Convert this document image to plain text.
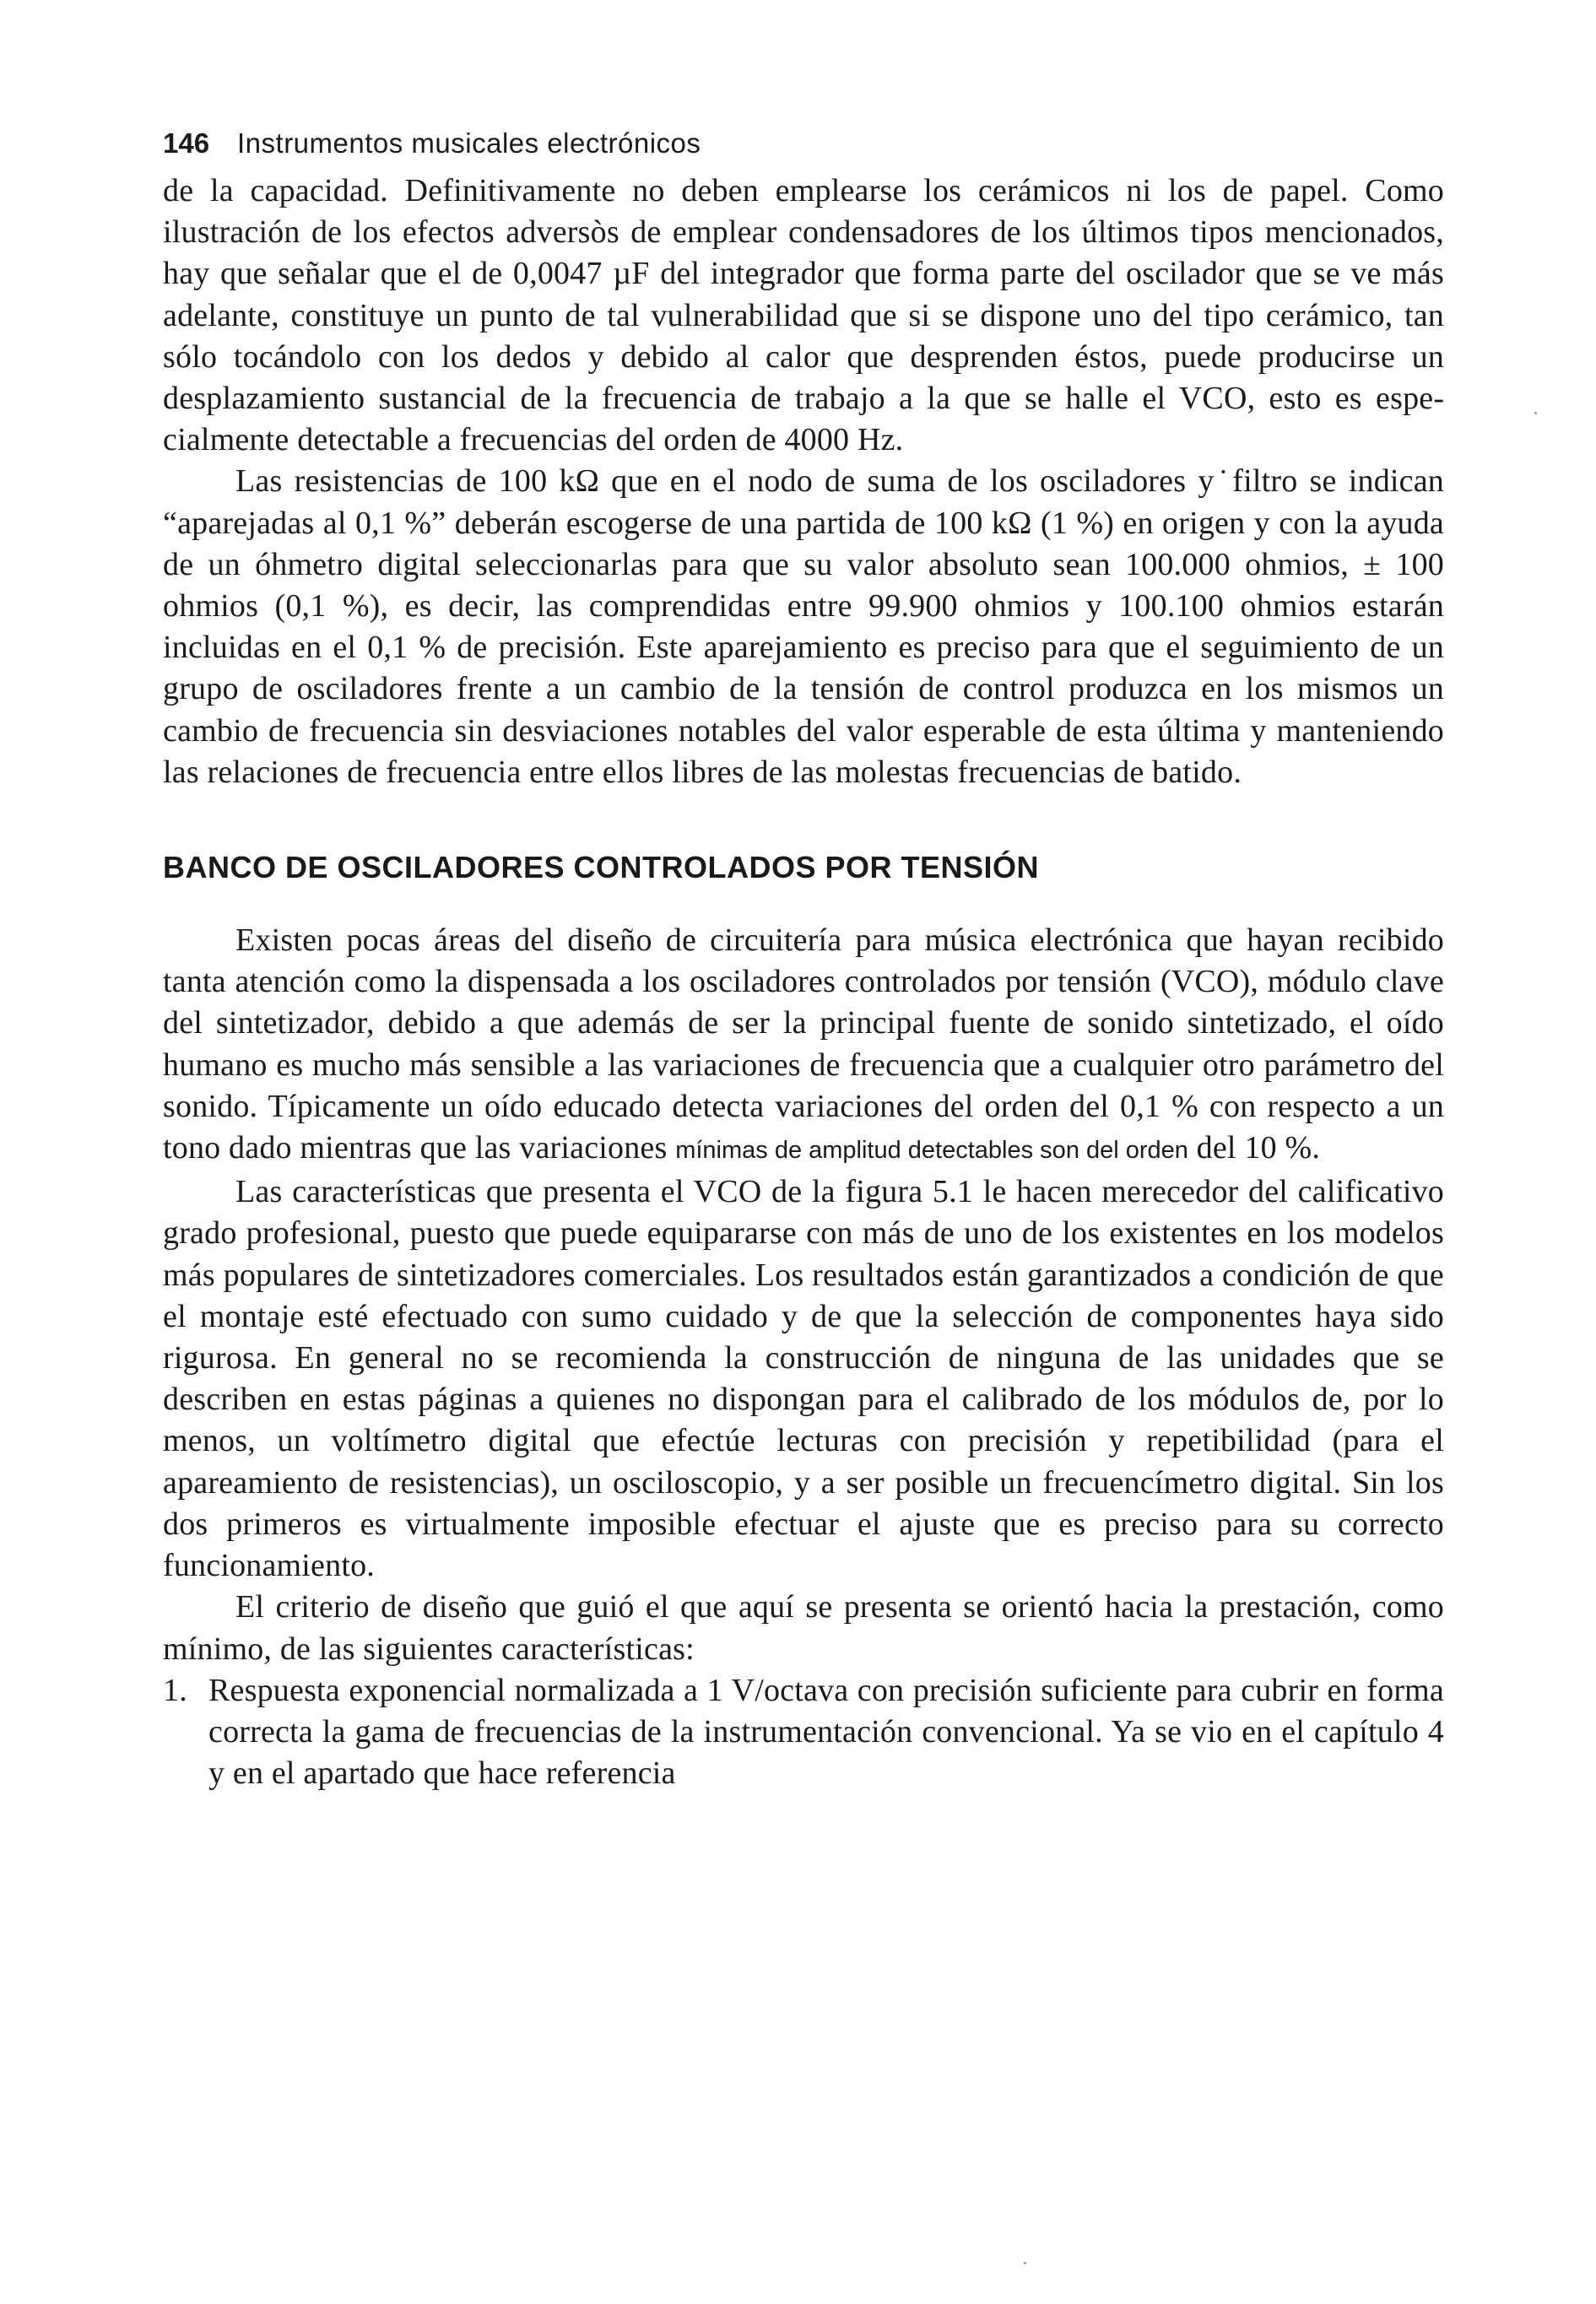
146 Instrumentos musicales electrónicos

de la capacidad. Definitivamente no deben emplearse los cerámicos ni los de papel. Como ilustración de los efectos adversòs de emplear condensadores de los últimos tipos mencionados, hay que señalar que el de 0,0047 µF del integrador que forma parte del oscilador que se ve más adelante, constituye un punto de tal vulnerabilidad que si se dispone uno del tipo cerámico, tan sólo tocándolo con los dedos y debido al calor que desprenden éstos, puede producirse un desplazamiento sustancial de la frecuencia de trabajo a la que se halle el VCO, esto es especialmente detectable a frecuencias del orden de 4000 Hz.

Las resistencias de 100 kΩ que en el nodo de suma de los osciladores y˙filtro se indican “aparejadas al 0,1 %” deberán escogerse de una partida de 100 kΩ (1 %) en origen y con la ayuda de un óhmetro digital seleccionarlas para que su valor absoluto sean 100.000 ohmios, ± 100 ohmios (0,1 %), es decir, las comprendidas entre 99.900 ohmios y 100.100 ohmios estarán incluidas en el 0,1 % de precisión. Este aparejamiento es preciso para que el seguimiento de un grupo de osciladores frente a un cambio de la tensión de control produzca en los mismos un cambio de frecuencia sin desviaciones notables del valor esperable de esta última y manteniendo las relaciones de frecuencia entre ellos libres de las molestas frecuencias de batido.

BANCO DE OSCILADORES CONTROLADOS POR TENSIÓN

Existen pocas áreas del diseño de circuitería para música electrónica que hayan recibido tanta atención como la dispensada a los osciladores controlados por tensión (VCO), módulo clave del sintetizador, debido a que además de ser la principal fuente de sonido sintetizado, el oído humano es mucho más sensible a las variaciones de frecuencia que a cualquier otro parámetro del sonido. Típicamente un oído educado detecta variaciones del orden del 0,1 % con respecto a un tono dado mientras que las variaciones mínimas de amplitud detectables son del orden del 10 %.

Las características que presenta el VCO de la figura 5.1 le hacen merecedor del calificativo grado profesional, puesto que puede equipararse con más de uno de los existentes en los modelos más populares de sintetizadores comerciales. Los resultados están garantizados a condición de que el montaje esté efectuado con sumo cuidado y de que la selección de componentes haya sido rigurosa. En general no se recomienda la construcción de ninguna de las unidades que se describen en estas páginas a quienes no dispongan para el calibrado de los módulos de, por lo menos, un voltímetro digital que efectúe lecturas con precisión y repetibilidad (para el apareamiento de resistencias), un osciloscopio, y a ser posible un frecuencímetro digital. Sin los dos primeros es virtualmente imposible efectuar el ajuste que es preciso para su correcto funcionamiento.

El criterio de diseño que guió el que aquí se presenta se orientó hacia la prestación, como mínimo, de las siguientes características:

1. Respuesta exponencial normalizada a 1 V/octava con precisión suficiente para cubrir en forma correcta la gama de frecuencias de la instrumentación convencional. Ya se vio en el capítulo 4 y en el apartado que hace referencia
